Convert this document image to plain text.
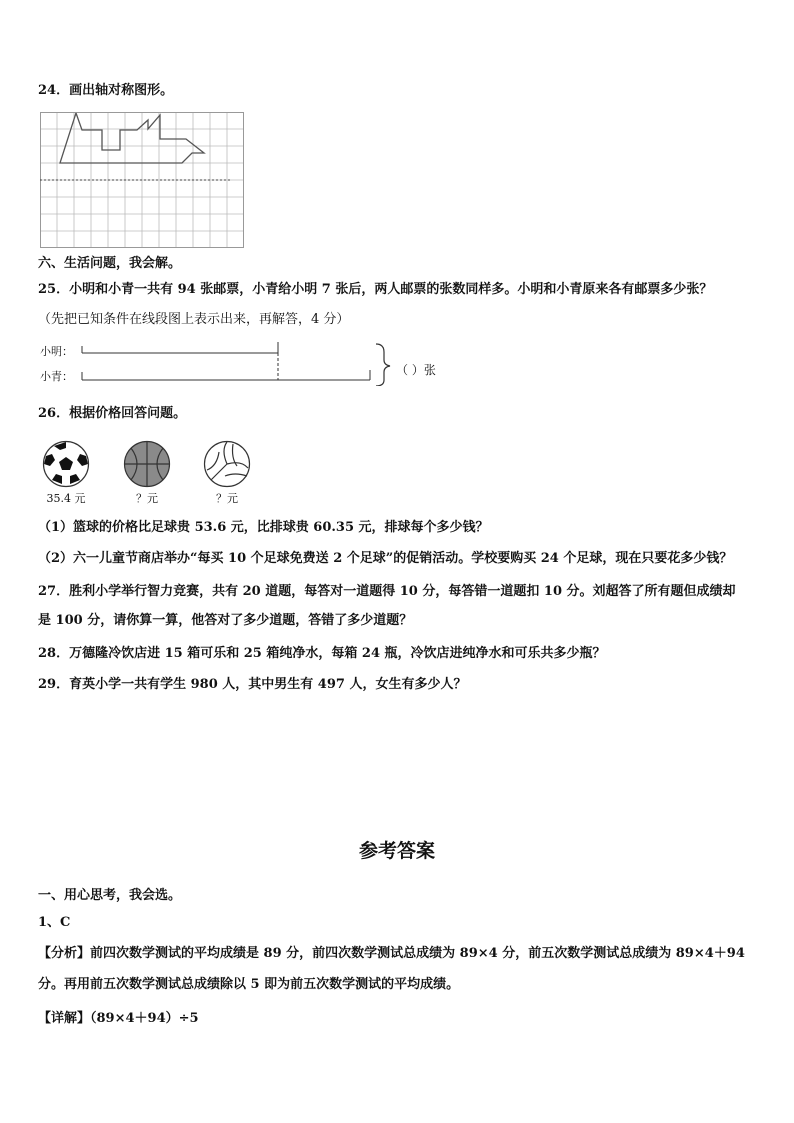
24．画出轴对称图形。
六、生活问题，我会解。
25．小明和小青一共有 94 张邮票，小青给小明 7 张后，两人邮票的张数同样多。小明和小青原来各有邮票多少张？
（先把已知条件在线段图上表示出来，再解答，4 分）
小明：
小青：	（ ）张
26．根据价格回答问题。
35.4 元	？元	？元
（1）篮球的价格比足球贵 53.6 元，比排球贵 60.35 元，排球每个多少钱？
（2）六一儿童节商店举办“每买 10 个足球免费送 2 个足球”的促销活动。学校要购买 24 个足球，现在只要花多少钱？
27．胜利小学举行智力竞赛，共有 20 道题，每答对一道题得 10 分，每答错一道题扣 10 分。刘超答了所有题但成绩却
是 100 分，请你算一算，他答对了多少道题，答错了多少道题？
28．万德隆冷饮店进 15 箱可乐和 25 箱纯净水，每箱 24 瓶，冷饮店进纯净水和可乐共多少瓶？
29．育英小学一共有学生 980 人，其中男生有 497 人，女生有多少人？
参考答案
一、用心思考，我会选。
1、C
【分析】前四次数学测试的平均成绩是 89 分，前四次数学测试总成绩为 89×4 分，前五次数学测试总成绩为 89×4＋94
分。再用前五次数学测试总成绩除以 5 即为前五次数学测试的平均成绩。
【详解】（89×4＋94）÷5
